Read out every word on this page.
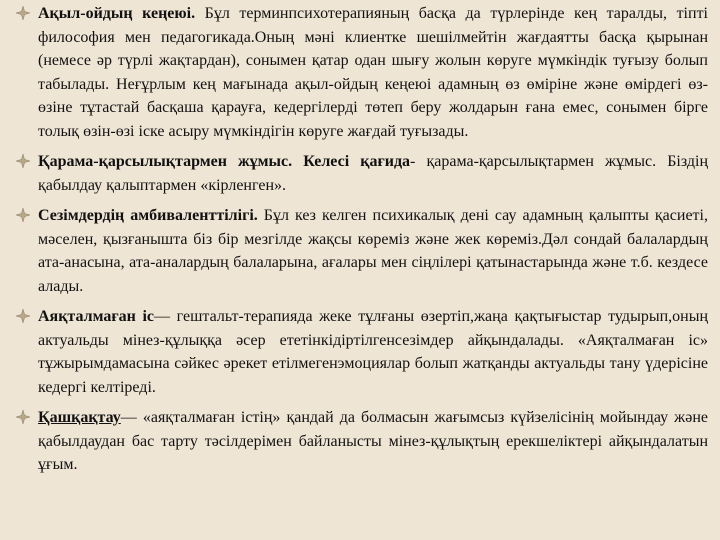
Ақыл-ойдың кеңеюі. Бұл терминпсихотерапияның басқа да түрлерінде кең таралды, тіпті философия мен педагогикада.Оның мәні клиентке шешілмейтін жағдаятты басқа қырынан (немесе әр түрлі жақтардан), сонымен қатар одан шығу жолын көруге мүмкіндік туғызу болып табылады. Неғұрлым кең мағынада ақыл-ойдың кеңеюі адамның өз өміріне және өмірдегі өз-өзіне тұтастай басқаша қарауға, кедергілерді төтеп беру жолдарын ғана емес, сонымен бірге толық өзін-өзі іске асыру мүмкіндігін көруге жағдай туғызады.
Қарама-қарсылықтармен жұмыс. Келесі қағида- қарама-қарсылықтармен жұмыс. Біздің қабылдау қалыптармен «кірленген».
Сезімдердің амбиваленттілігі. Бұл кез келген психикалық дені сау адамның қалыпты қасиеті, мәселен, қызғанышта біз бір мезгілде жақсы көреміз және жек көреміз.Дәл сондай балалардың ата-анасына, ата-аналардың балаларына, ағалары мен сіңлілері қатынастарында және т.б. кездесе алады.
Аяқталмаған іс— гештальт-терапияда жеке тұлғаны өзертіп,жаңа қақтығыстар тудырып,оның актуальды мінез-құлыққа әсер ететінкідіртілгенсезімдер айқындалады. «Аяқталмаған іс» тұжырымдамасына сәйкес әрекет етілмегенэмоциялар болып жатқанды актуальды тану үдерісіне кедергі келтіреді.
Қашқақтау— «аяқталмаған істің» қандай да болмасын жағымсыз күйзелісінің мойындау және қабылдаудан бас тарту тәсілдерімен байланысты мінез-құлықтың ерекшеліктері айқындалатын ұғым.
